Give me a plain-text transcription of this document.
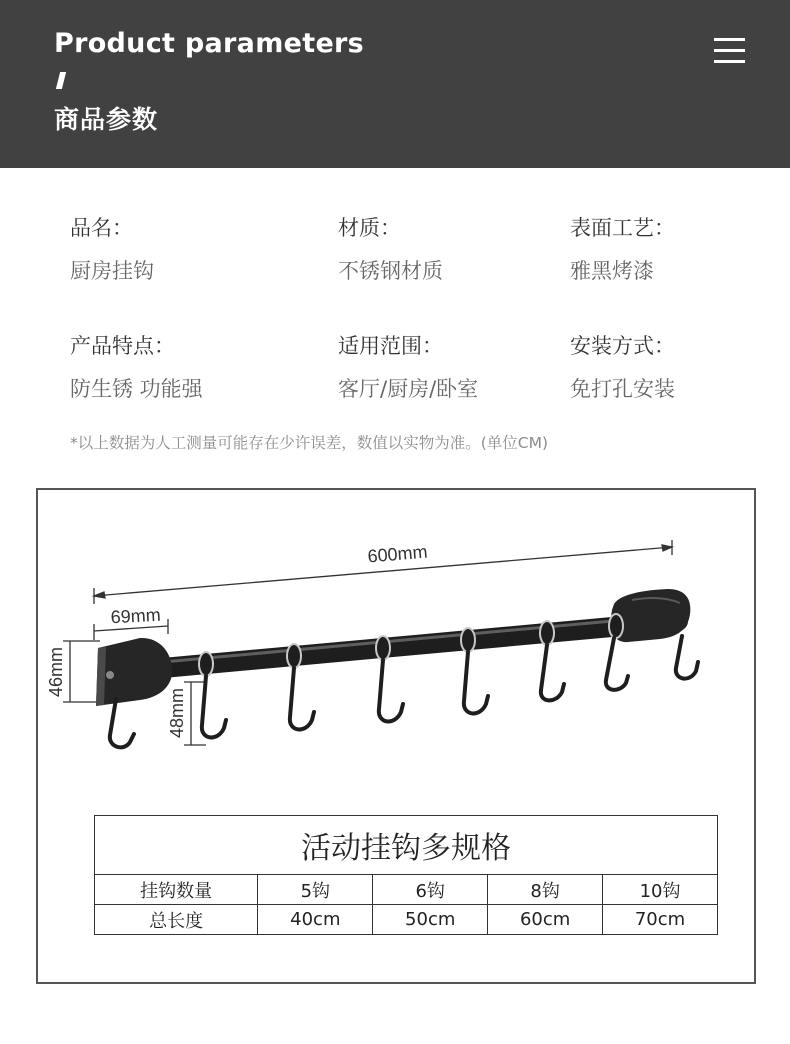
Product parameters
商品参数
品名：
厨房挂钩
材质：
不锈钢材质
表面工艺：
雅黑烤漆
产品特点：
防生锈 功能强
适用范围：
客厅/厨房/卧室
安装方式：
免打孔安装
*以上数据为人工测量可能存在少许误差，数值以实物为准。(单位CM)
600mm
69mm
46mm
48mm
活动挂钩多规格				
挂钩数量	5钩	6钩	8钩	10钩
总长度	40cm	50cm	60cm	70cm
